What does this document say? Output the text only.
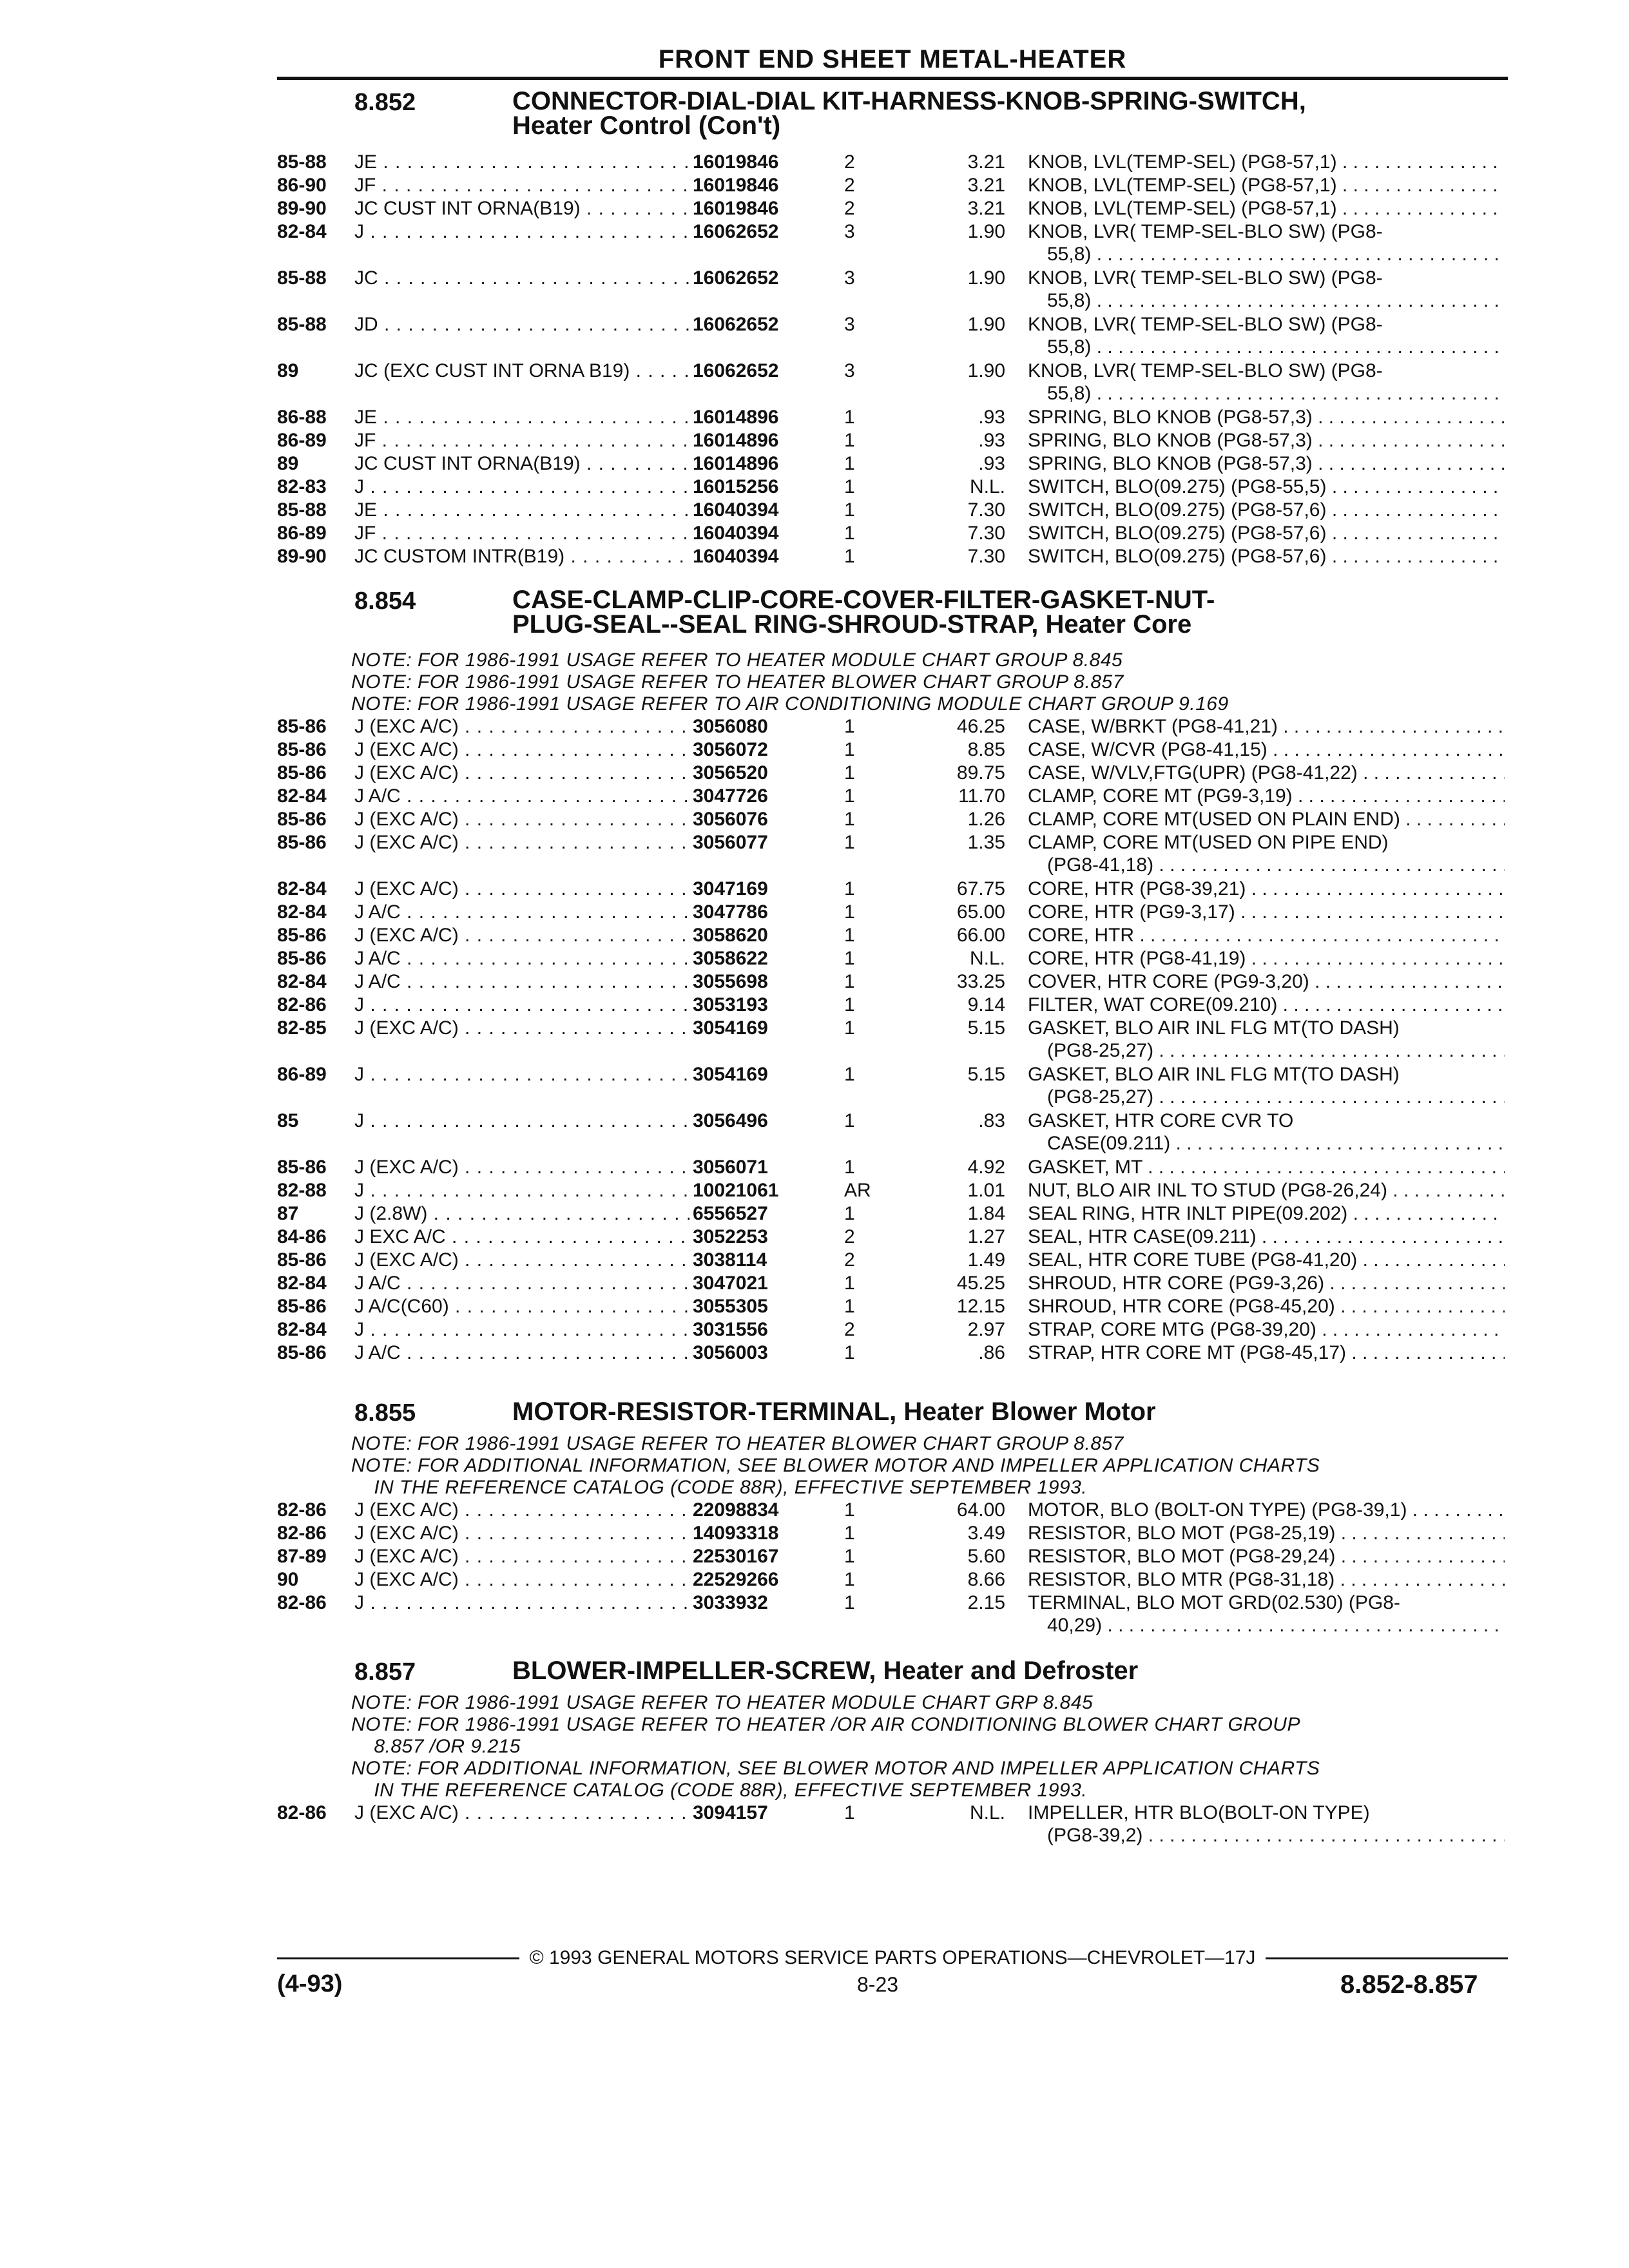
FRONT END SHEET METAL-HEATER
8.852	CONNECTOR-DIAL-DIAL KIT-HARNESS-KNOB-SPRING-SWITCH,
Heater Control (Con't)
85-88 JE . . .	16019846	2	3.21 KNOB, LVL(TEMP-SEL) (PG8-57,1) . . .
86-90 JF . . .	16019846	2	3.21 KNOB, LVL(TEMP-SEL) (PG8-57,1) . . .
89-90 JC CUST INT ORNA(B19) . . .	16019846	2	3.21 KNOB, LVL(TEMP-SEL) (PG8-57,1) . . .
82-84 J . . .	16062652	3	1.90 KNOB, LVR( TEMP-SEL-BLO SW) (PG8-
55,8) . . .
85-88 JC . . .	16062652	3	1.90 KNOB, LVR( TEMP-SEL-BLO SW) (PG8-
55,8) . . .
85-88 JD . . .	16062652	3	1.90 KNOB, LVR( TEMP-SEL-BLO SW) (PG8-
55,8) . . .
89	JC (EXC CUST INT ORNA B19) . . .	16062652	3	1.90 KNOB, LVR( TEMP-SEL-BLO SW) (PG8-
55,8) . . .
86-88 JE . . .	16014896	1	.93 SPRING, BLO KNOB (PG8-57,3) . . .
86-89 JF . . .	16014896	1	.93 SPRING, BLO KNOB (PG8-57,3) . . .
89	JC CUST INT ORNA(B19) . . .	16014896	1	.93 SPRING, BLO KNOB (PG8-57,3) . . .
82-83 J . . .	16015256	1	N.L. SWITCH, BLO(09.275) (PG8-55,5) . . .
85-88 JE . . .	16040394	1	7.30 SWITCH, BLO(09.275) (PG8-57,6) . . .
86-89 JF . . .	16040394	1	7.30 SWITCH, BLO(09.275) (PG8-57,6) . . .
89-90 JC CUSTOM INTR(B19) . . .	16040394	1	7.30 SWITCH, BLO(09.275) (PG8-57,6) . . .
8.854	CASE-CLAMP-CLIP-CORE-COVER-FILTER-GASKET-NUT-
PLUG-SEAL--SEAL RING-SHROUD-STRAP, Heater Core
NOTE: FOR 1986-1991 USAGE REFER TO HEATER MODULE CHART GROUP 8.845
NOTE: FOR 1986-1991 USAGE REFER TO HEATER BLOWER CHART GROUP 8.857
NOTE: FOR 1986-1991 USAGE REFER TO AIR CONDITIONING MODULE CHART GROUP 9.169
85-86 J (EXC A/C) . . .	3056080	1	46.25 CASE, W/BRKT (PG8-41,21) . . .
85-86 J (EXC A/C) . . .	3056072	1	8.85 CASE, W/CVR (PG8-41,15) . . .
85-86 J (EXC A/C) . . .	3056520	1	89.75 CASE, W/VLV,FTG(UPR) (PG8-41,22) . . .
82-84 J A/C . . .	3047726	1	11.70 CLAMP, CORE MT (PG9-3,19) . . .
85-86 J (EXC A/C) . . .	3056076	1	1.26 CLAMP, CORE MT(USED ON PLAIN END) . . .
85-86 J (EXC A/C) . . .	3056077	1	1.35 CLAMP, CORE MT(USED ON PIPE END)
(PG8-41,18) . . .
82-84 J (EXC A/C) . . .	3047169	1	67.75 CORE, HTR (PG8-39,21) . . .
82-84 J A/C . . .	3047786	1	65.00 CORE, HTR (PG9-3,17) . . .
85-86 J (EXC A/C) . . .	3058620	1	66.00 CORE, HTR . . .
85-86 J A/C . . .	3058622	1	N.L. CORE, HTR (PG8-41,19) . . .
82-84 J A/C . . .	3055698	1	33.25 COVER, HTR CORE (PG9-3,20) . . .
82-86 J . . .	3053193	1	9.14 FILTER, WAT CORE(09.210) . . .
82-85 J (EXC A/C) . . .	3054169	1	5.15 GASKET, BLO AIR INL FLG MT(TO DASH)
(PG8-25,27) . . .
86-89 J . . .	3054169	1	5.15 GASKET, BLO AIR INL FLG MT(TO DASH)
(PG8-25,27) . . .
85	J . . .	3056496	1	.83 GASKET, HTR CORE CVR TO
CASE(09.211) . . .
85-86 J (EXC A/C) . . .	3056071	1	4.92 GASKET, MT . . .
82-88 J . . .	10021061	AR	1.01 NUT, BLO AIR INL TO STUD (PG8-26,24) . . .
87	J (2.8W) . . .	6556527	1	1.84 SEAL RING, HTR INLT PIPE(09.202) . . .
84-86 J EXC A/C . . .	3052253	2	1.27 SEAL, HTR CASE(09.211) . . .
85-86 J (EXC A/C) . . .	3038114	2	1.49 SEAL, HTR CORE TUBE (PG8-41,20) . . .
82-84 J A/C . . .	3047021	1	45.25 SHROUD, HTR CORE (PG9-3,26) . . .
85-86 J A/C(C60) . . .	3055305	1	12.15 SHROUD, HTR CORE (PG8-45,20) . . .
82-84 J . . .	3031556	2	2.97 STRAP, CORE MTG (PG8-39,20) . . .
85-86 J A/C . . .	3056003	1	.86 STRAP, HTR CORE MT (PG8-45,17) . . .
8.855	MOTOR-RESISTOR-TERMINAL, Heater Blower Motor
NOTE: FOR 1986-1991 USAGE REFER TO HEATER BLOWER CHART GROUP 8.857
NOTE: FOR ADDITIONAL INFORMATION, SEE BLOWER MOTOR AND IMPELLER APPLICATION CHARTS
IN THE REFERENCE CATALOG (CODE 88R), EFFECTIVE SEPTEMBER 1993.
82-86 J (EXC A/C) . . .	22098834	1	64.00 MOTOR, BLO (BOLT-ON TYPE) (PG8-39,1) . . .
82-86 J (EXC A/C) . . .	14093318	1	3.49 RESISTOR, BLO MOT (PG8-25,19) . . .
87-89 J (EXC A/C) . . .	22530167	1	5.60 RESISTOR, BLO MOT (PG8-29,24) . . .
90	J (EXC A/C) . . .	22529266	1	8.66 RESISTOR, BLO MTR (PG8-31,18) . . .
82-86 J . . .	3033932	1	2.15 TERMINAL, BLO MOT GRD(02.530) (PG8-
40,29) . . .
8.857	BLOWER-IMPELLER-SCREW, Heater and Defroster
NOTE: FOR 1986-1991 USAGE REFER TO HEATER MODULE CHART GRP 8.845
NOTE: FOR 1986-1991 USAGE REFER TO HEATER /OR AIR CONDITIONING BLOWER CHART GROUP
8.857 /OR 9.215
NOTE: FOR ADDITIONAL INFORMATION, SEE BLOWER MOTOR AND IMPELLER APPLICATION CHARTS
IN THE REFERENCE CATALOG (CODE 88R), EFFECTIVE SEPTEMBER 1993.
82-86 J (EXC A/C) . . .	3094157	1	N.L. IMPELLER, HTR BLO(BOLT-ON TYPE)
(PG8-39,2) . . .
© 1993 GENERAL MOTORS SERVICE PARTS OPERATIONS—CHEVROLET—17J
(4-93)	8-23	8.852-8.857
